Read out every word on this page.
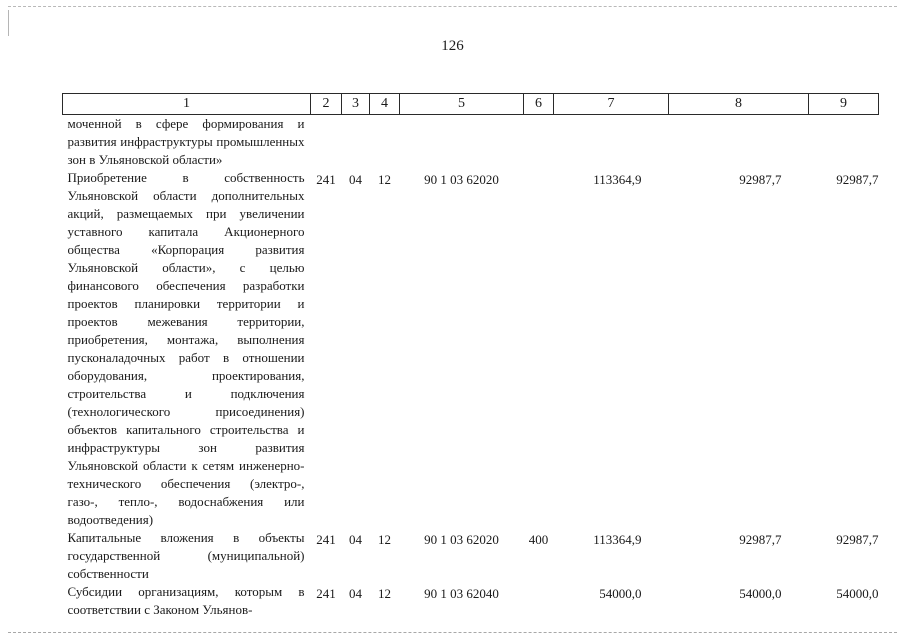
126
1	2	3	4	5	6	7	8	9
моченной в сфере формирования и развития инфраструктуры промышленных зон в Ульяновской области»								
Приобретение в собственность Ульяновской области дополнительных акций, размещаемых при увеличении уставного капитала Акционерного общества «Корпорация развития Ульяновской области», с целью финансового обеспечения разработки проектов планировки территории и проектов межевания территории, приобретения, монтажа, выполнения пусконаладочных работ в отношении оборудования, проектирования, строительства и подключения (технологического присоединения) объектов капитального строительства и инфраструктуры зон развития Ульяновской области к сетям инженерно-технического обеспечения (электро-, газо-, тепло-, водоснабжения или водоотведения)	241	04	12	90 1 03 62020		113364,9	92987,7	92987,7
Капитальные вложения в объекты государственной (муниципальной) собственности	241	04	12	90 1 03 62020	400	113364,9	92987,7	92987,7
Субсидии организациям, которым в соответствии с Законом Ульянов-	241	04	12	90 1 03 62040		54000,0	54000,0	54000,0
